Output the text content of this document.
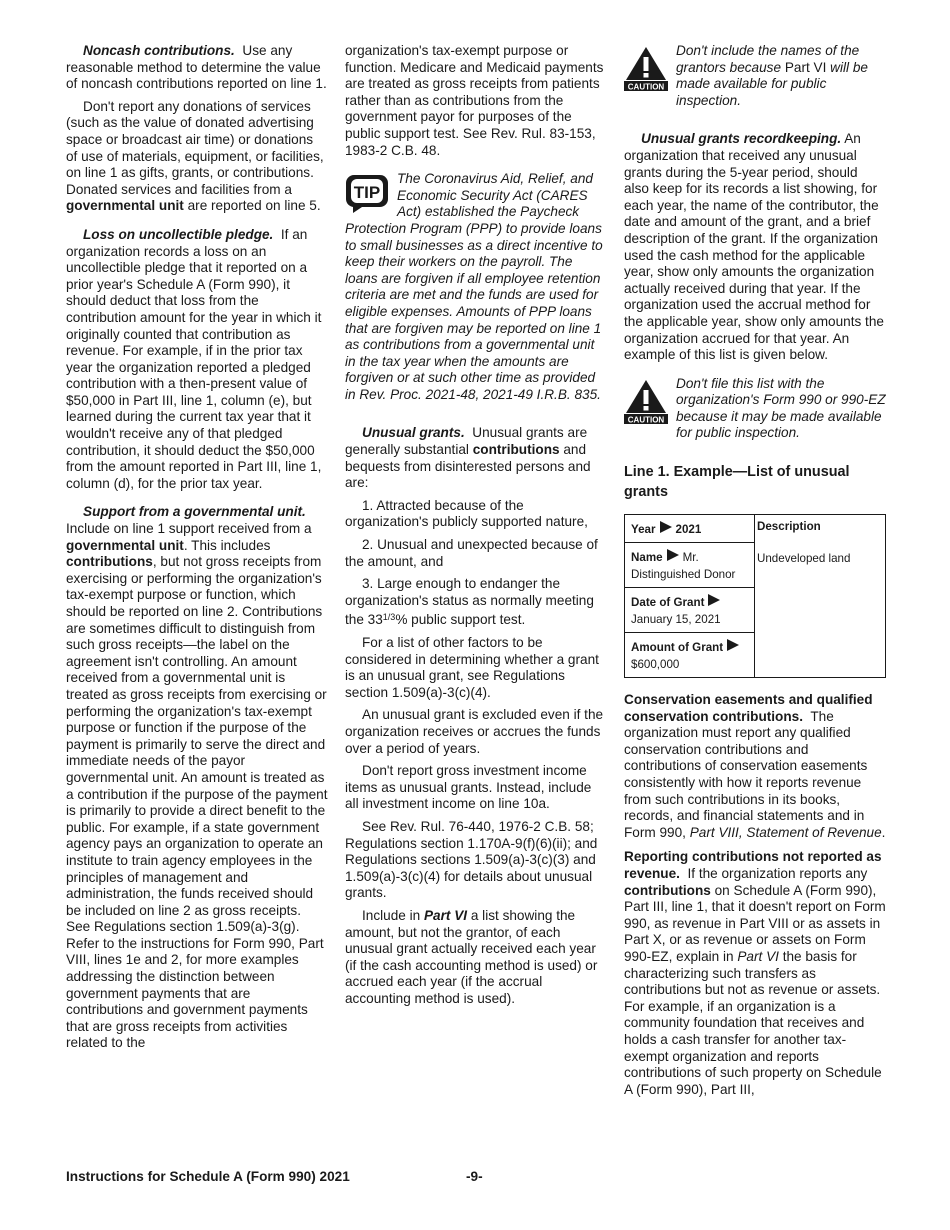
Noncash contributions. Use any reasonable method to determine the value of noncash contributions reported on line 1.

Don't report any donations of services (such as the value of donated advertising space or broadcast air time) or donations of use of materials, equipment, or facilities, on line 1 as gifts, grants, or contributions. Donated services and facilities from a governmental unit are reported on line 5.

Loss on uncollectible pledge. If an organization records a loss on an uncollectible pledge that it reported on a prior year's Schedule A (Form 990), it should deduct that loss from the contribution amount for the year in which it originally counted that contribution as revenue. For example, if in the prior tax year the organization reported a pledged contribution with a then-present value of $50,000 in Part III, line 1, column (e), but learned during the current tax year that it wouldn't receive any of that pledged contribution, it should deduct the $50,000 from the amount reported in Part III, line 1, column (d), for the prior tax year.

Support from a governmental unit.  Include on line 1 support received from a governmental unit. This includes contributions, but not gross receipts from exercising or performing the organization's tax-exempt purpose or function, which should be reported on line 2. Contributions are sometimes difficult to distinguish from such gross receipts—the label on the agreement isn't controlling. An amount received from a governmental unit is treated as gross receipts from exercising or performing the organization's tax-exempt purpose or function if the purpose of the payment is primarily to serve the direct and immediate needs of the payor governmental unit. An amount is treated as a contribution if the purpose of the payment is primarily to provide a direct benefit to the public. For example, if a state government agency pays an organization to operate an institute to train agency employees in the principles of management and administration, the funds received should be included on line 2 as gross receipts. See Regulations section 1.509(a)-3(g). Refer to the instructions for Form 990, Part VIII, lines 1e and 2, for more examples addressing the distinction between government payments that are contributions and government payments that are gross receipts from activities related to the

organization's tax-exempt purpose or function. Medicare and Medicaid payments are treated as gross receipts from patients rather than as contributions from the government payor for purposes of the public support test. See Rev. Rul. 83-153, 1983-2 C.B. 48.

TIP

The Coronavirus Aid, Relief, and Economic Security Act (CARES Act) established the Paycheck Protection Program (PPP) to provide loans to small businesses as a direct incentive to keep their workers on the payroll. The loans are forgiven if all employee retention criteria are met and the funds are used for eligible expenses. Amounts of PPP loans that are forgiven may be reported on line 1 as contributions from a governmental unit in the tax year when the amounts are forgiven or at such other time as provided in Rev. Proc. 2021-48, 2021-49 I.R.B. 835.

Unusual grants. Unusual grants are generally substantial contributions and bequests from disinterested persons and are:

1. Attracted because of the organization's publicly supported nature,

2. Unusual and unexpected because of the amount, and

3. Large enough to endanger the organization's status as normally meeting the $33^{1/3}\%$ public support test.

For a list of other factors to be considered in determining whether a grant is an unusual grant, see Regulations section 1.509(a)-3(c)(4).

An unusual grant is excluded even if the organization receives or accrues the funds over a period of years.

Don't report gross investment income items as unusual grants. Instead, include all investment income on line 10a.

See Rev. Rul. 76-440, 1976-2 C.B. 58; Regulations section 1.170A-9(f)(6)(ii); and Regulations sections 1.509(a)-3(c)(3) and 1.509(a)-3(c)(4) for details about unusual grants.

Include in Part VI a list showing the amount, but not the grantor, of each unusual grant actually received each year (if the cash accounting method is used) or accrued each year (if the accrual accounting method is used).

CAUTION

Don't include the names of the grantors because Part VI will be made available for public inspection.

Unusual grants recordkeeping. An organization that received any unusual grants during the 5-year period, should also keep for its records a list showing, for each year, the name of the contributor, the date and amount of the grant, and a brief description of the grant. If the organization used the cash method for the applicable year, show only amounts the organization actually received during that year. If the organization used the accrual method for the applicable year, show only amounts the organization accrued for that year. An example of this list is given below.

CAUTION

Don't file this list with the organization's Form 990 or 990-EZ because it may be made available for public inspection.

Line 1. Example—List of unusual grants
Year 2021
Name Mr. Distinguished Donor
Date of Grant
January 15, 2021
Amount of Grant
$600,000
Description
Undeveloped land

Conservation easements and qualified conservation contributions. The organization must report any qualified conservation contributions and contributions of conservation easements consistently with how it reports revenue from such contributions in its books, records, and financial statements and in Form 990, Part VIII, Statement of Revenue.

Reporting contributions not reported as revenue. If the organization reports any contributions on Schedule A (Form 990), Part III, line 1, that it doesn't report on Form 990, as revenue in Part VIII or as assets in Part X, or as revenue or assets on Form 990-EZ, explain in Part VI the basis for characterizing such transfers as contributions but not as revenue or assets. For example, if an organization is a community foundation that receives and holds a cash transfer for another tax-exempt organization and reports contributions of such property on Schedule A (Form 990), Part III,

Instructions for Schedule A (Form 990) 2021	-9-
